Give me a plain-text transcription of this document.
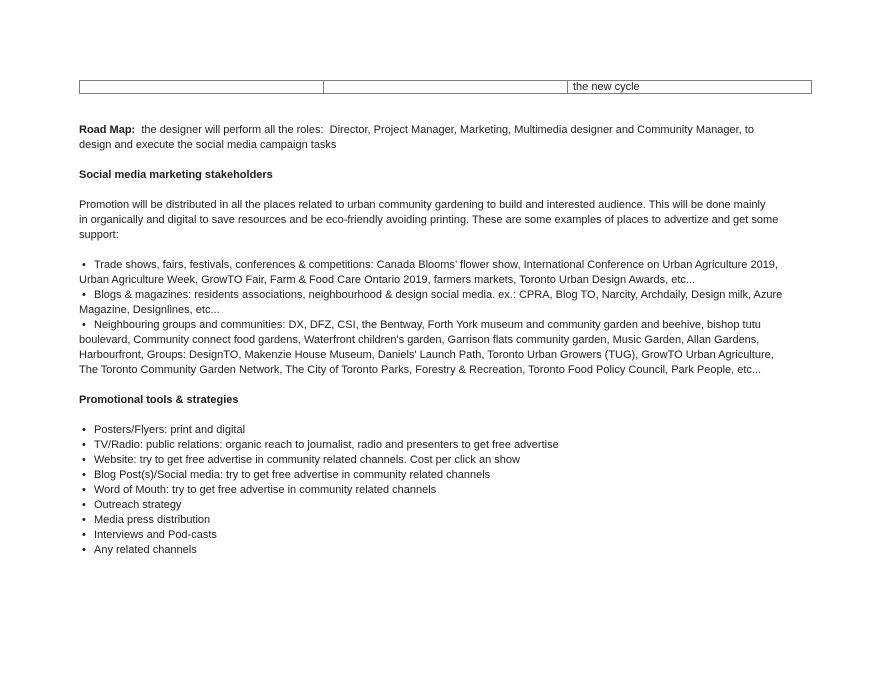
the new cycle
Road Map:  the designer will perform all the roles:  Director, Project Manager, Marketing, Multimedia designer and Community Manager, to
design and execute the social media campaign tasks
Social media marketing stakeholders
Promotion will be distributed in all the places related to urban community gardening to build and interested audience. This will be done mainly
in organically and digital to save resources and be eco-friendly avoiding printing. These are some examples of places to advertize and get some
support:
• Trade shows, fairs, festivals, conferences & competitions: Canada Blooms’ flower show, International Conference on Urban Agriculture 2019,
Urban Agriculture Week, GrowTO Fair, Farm & Food Care Ontario 2019, farmers markets, Toronto Urban Design Awards, etc...
• Blogs & magazines: residents associations, neighbourhood & design social media. ex.: CPRA, Blog TO, Narcity, Archdaily, Design milk, Azure
Magazine, Designlines, etc...
• Neighbouring groups and communities: DX, DFZ, CSI, the Bentway, Forth York museum and community garden and beehive, bishop tutu
boulevard, Community connect food gardens, Waterfront children's garden, Garrison flats community garden, Music Garden, Allan Gardens,
Harbourfront, Groups: DesignTO, Makenzie House Museum, Daniels' Launch Path, Toronto Urban Growers (TUG), GrowTO Urban Agriculture,
The Toronto Community Garden Network, The City of Toronto Parks, Forestry & Recreation, Toronto Food Policy Council, Park People, etc...
Promotional tools & strategies
• Posters/Flyers: print and digital
• TV/Radio: public relations: organic reach to journalist, radio and presenters to get free advertise
• Website: try to get free advertise in community related channels. Cost per click an show
• Blog Post(s)/Social media: try to get free advertise in community related channels
• Word of Mouth: try to get free advertise in community related channels
• Outreach strategy
• Media press distribution
• Interviews and Pod-casts
• Any related channels
